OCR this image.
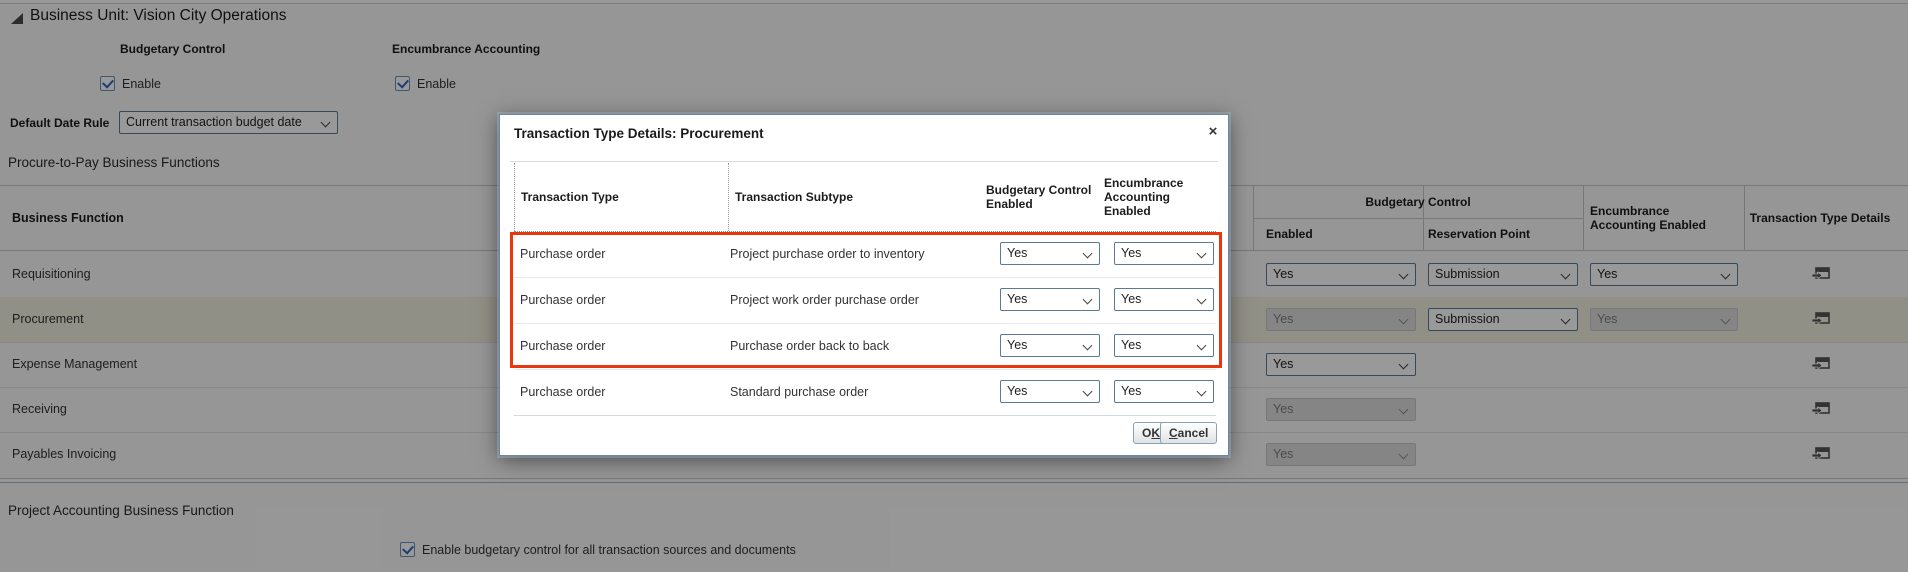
Business Unit: Vision City Operations
Budgetary Control	Encumbrance Accounting
Enable	Enable
Default Date Rule	Current transaction budget date
Procure-to-Pay Business Functions
Business Function
Budgetary Control
Enabled	Reservation Point
Encumbrance Accounting Enabled	Transaction Type Details
Requisitioning	Yes	Submission	Yes
Procurement	Yes	Submission	Yes
Expense Management	Yes
Receiving	Yes
Payables Invoicing	Yes
Project Accounting Business Function
Enable budgetary control for all transaction sources and documents
Transaction Type Details: Procurement	×
Transaction Type	Transaction Subtype	Budgetary Control Enabled
Encumbrance Accounting Enabled
Purchase order	Project purchase order to inventory	Yes	Yes
Purchase order	Project work order purchase order	Yes	Yes
Purchase order	Purchase order back to back	Yes	Yes
Purchase order	Standard purchase order	Yes	Yes
OK Cancel
